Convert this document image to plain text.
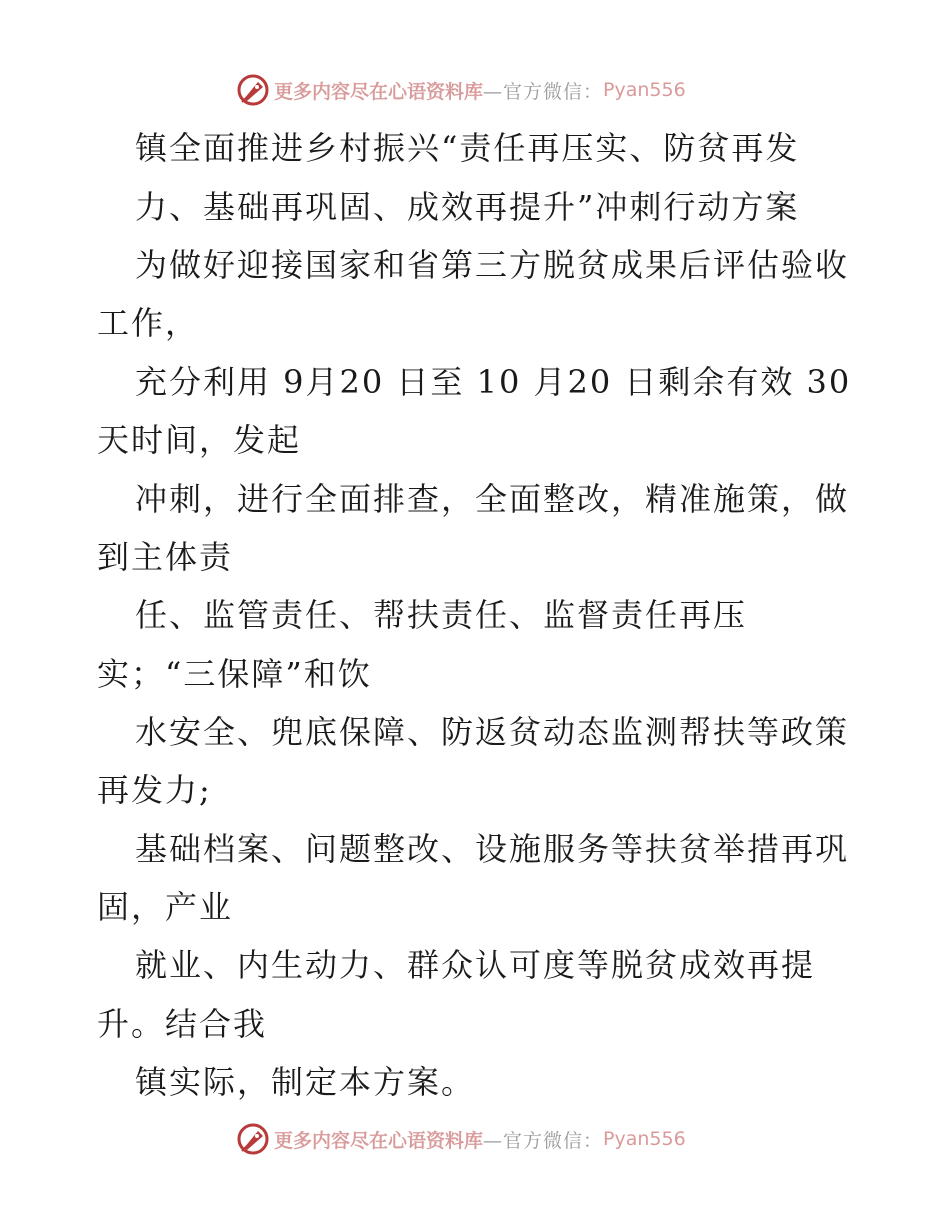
更多内容尽在心语资料库 —官方微信： Pyan556
镇全面推进乡村振兴“责任再压实、防贫再发
力、基础再巩固、成效再提升”冲刺行动方案
为做好迎接国家和省第三方脱贫成果后评估验收
工作，
充分利用 9月20 日至 10 月20 日剩余有效 30
天时间，发起
冲刺，进行全面排查，全面整改，精准施策，做
到主体责
任、监管责任、帮扶责任、监督责任再压
实；“三保障”和饮
水安全、兜底保障、防返贫动态监测帮扶等政策
再发力;
基础档案、问题整改、设施服务等扶贫举措再巩
固，产业
就业、内生动力、群众认可度等脱贫成效再提
升。结合我
镇实际，制定本方案。
更多内容尽在心语资料库 —官方微信： Pyan556
